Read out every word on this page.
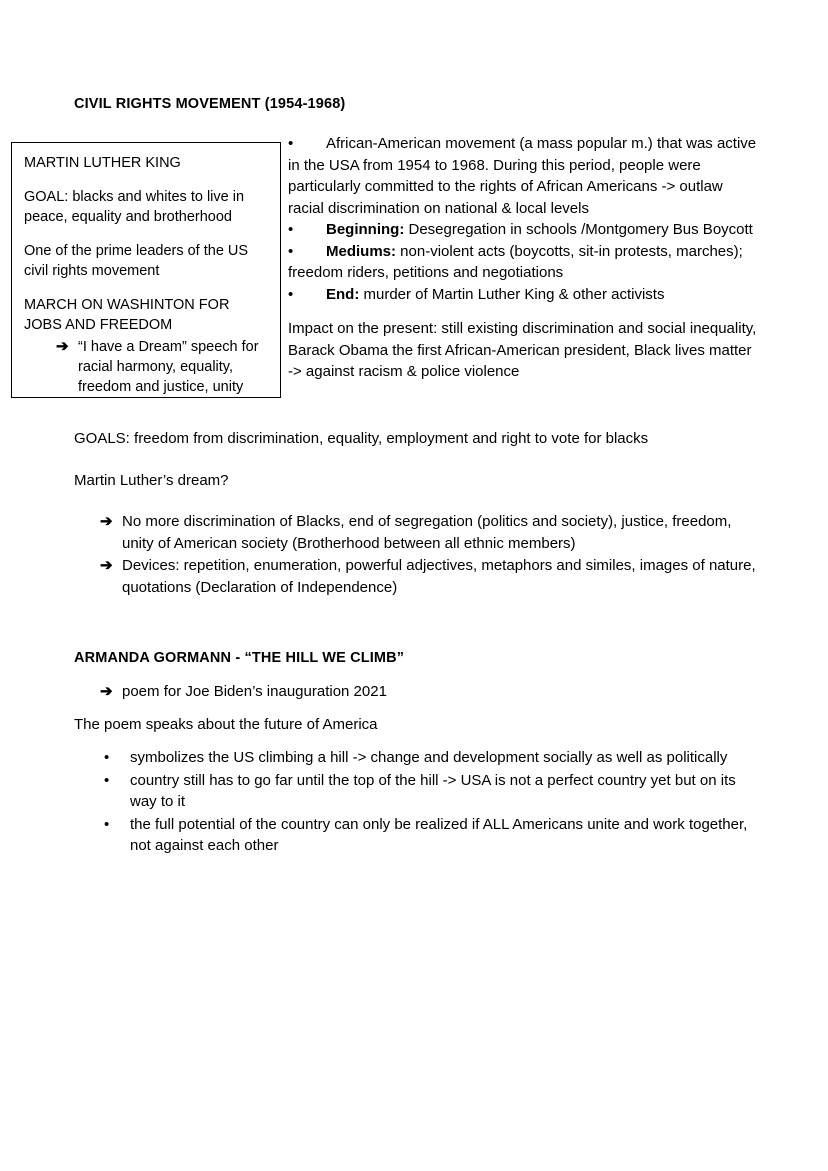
CIVIL RIGHTS MOVEMENT (1954-1968)

MARTIN LUTHER KING

GOAL: blacks and whites to live in peace, equality and brotherhood

One of the prime leaders of the US civil rights movement

MARCH ON WASHINTON FOR JOBS AND FREEDOM

➔ “I have a Dream” speech for racial harmony, equality, freedom and justice, unity

• African-American movement (a mass popular m.) that was active in the USA from 1954 to 1968. During this period, people were particularly committed to the rights of African Americans -> outlaw racial discrimination on national & local levels

• Beginning: Desegregation in schools /Montgomery Bus Boycott

• Mediums: non-violent acts (boycotts, sit-in protests, marches); freedom riders, petitions and negotiations

• End: murder of Martin Luther King & other activists

Impact on the present: still existing discrimination and social inequality, Barack Obama the first African-American president, Black lives matter -> against racism & police violence

GOALS: freedom from discrimination, equality, employment and right to vote for blacks

Martin Luther’s dream?

➔ No more discrimination of Blacks, end of segregation (politics and society), justice, freedom, unity of American society (Brotherhood between all ethnic members)
➔ Devices: repetition, enumeration, powerful adjectives, metaphors and similes, images of nature, quotations (Declaration of Independence)
ARMANDA GORMANN - “THE HILL WE CLIMB”
➔ poem for Joe Biden’s inauguration 2021
The poem speaks about the future of America
•	symbolizes the US climbing a hill -> change and development socially as well as politically
•	country still has to go far until the top of the hill -> USA is not a perfect country yet but on its way to it
•	the full potential of the country can only be realized if ALL Americans unite and work together, not against each other
